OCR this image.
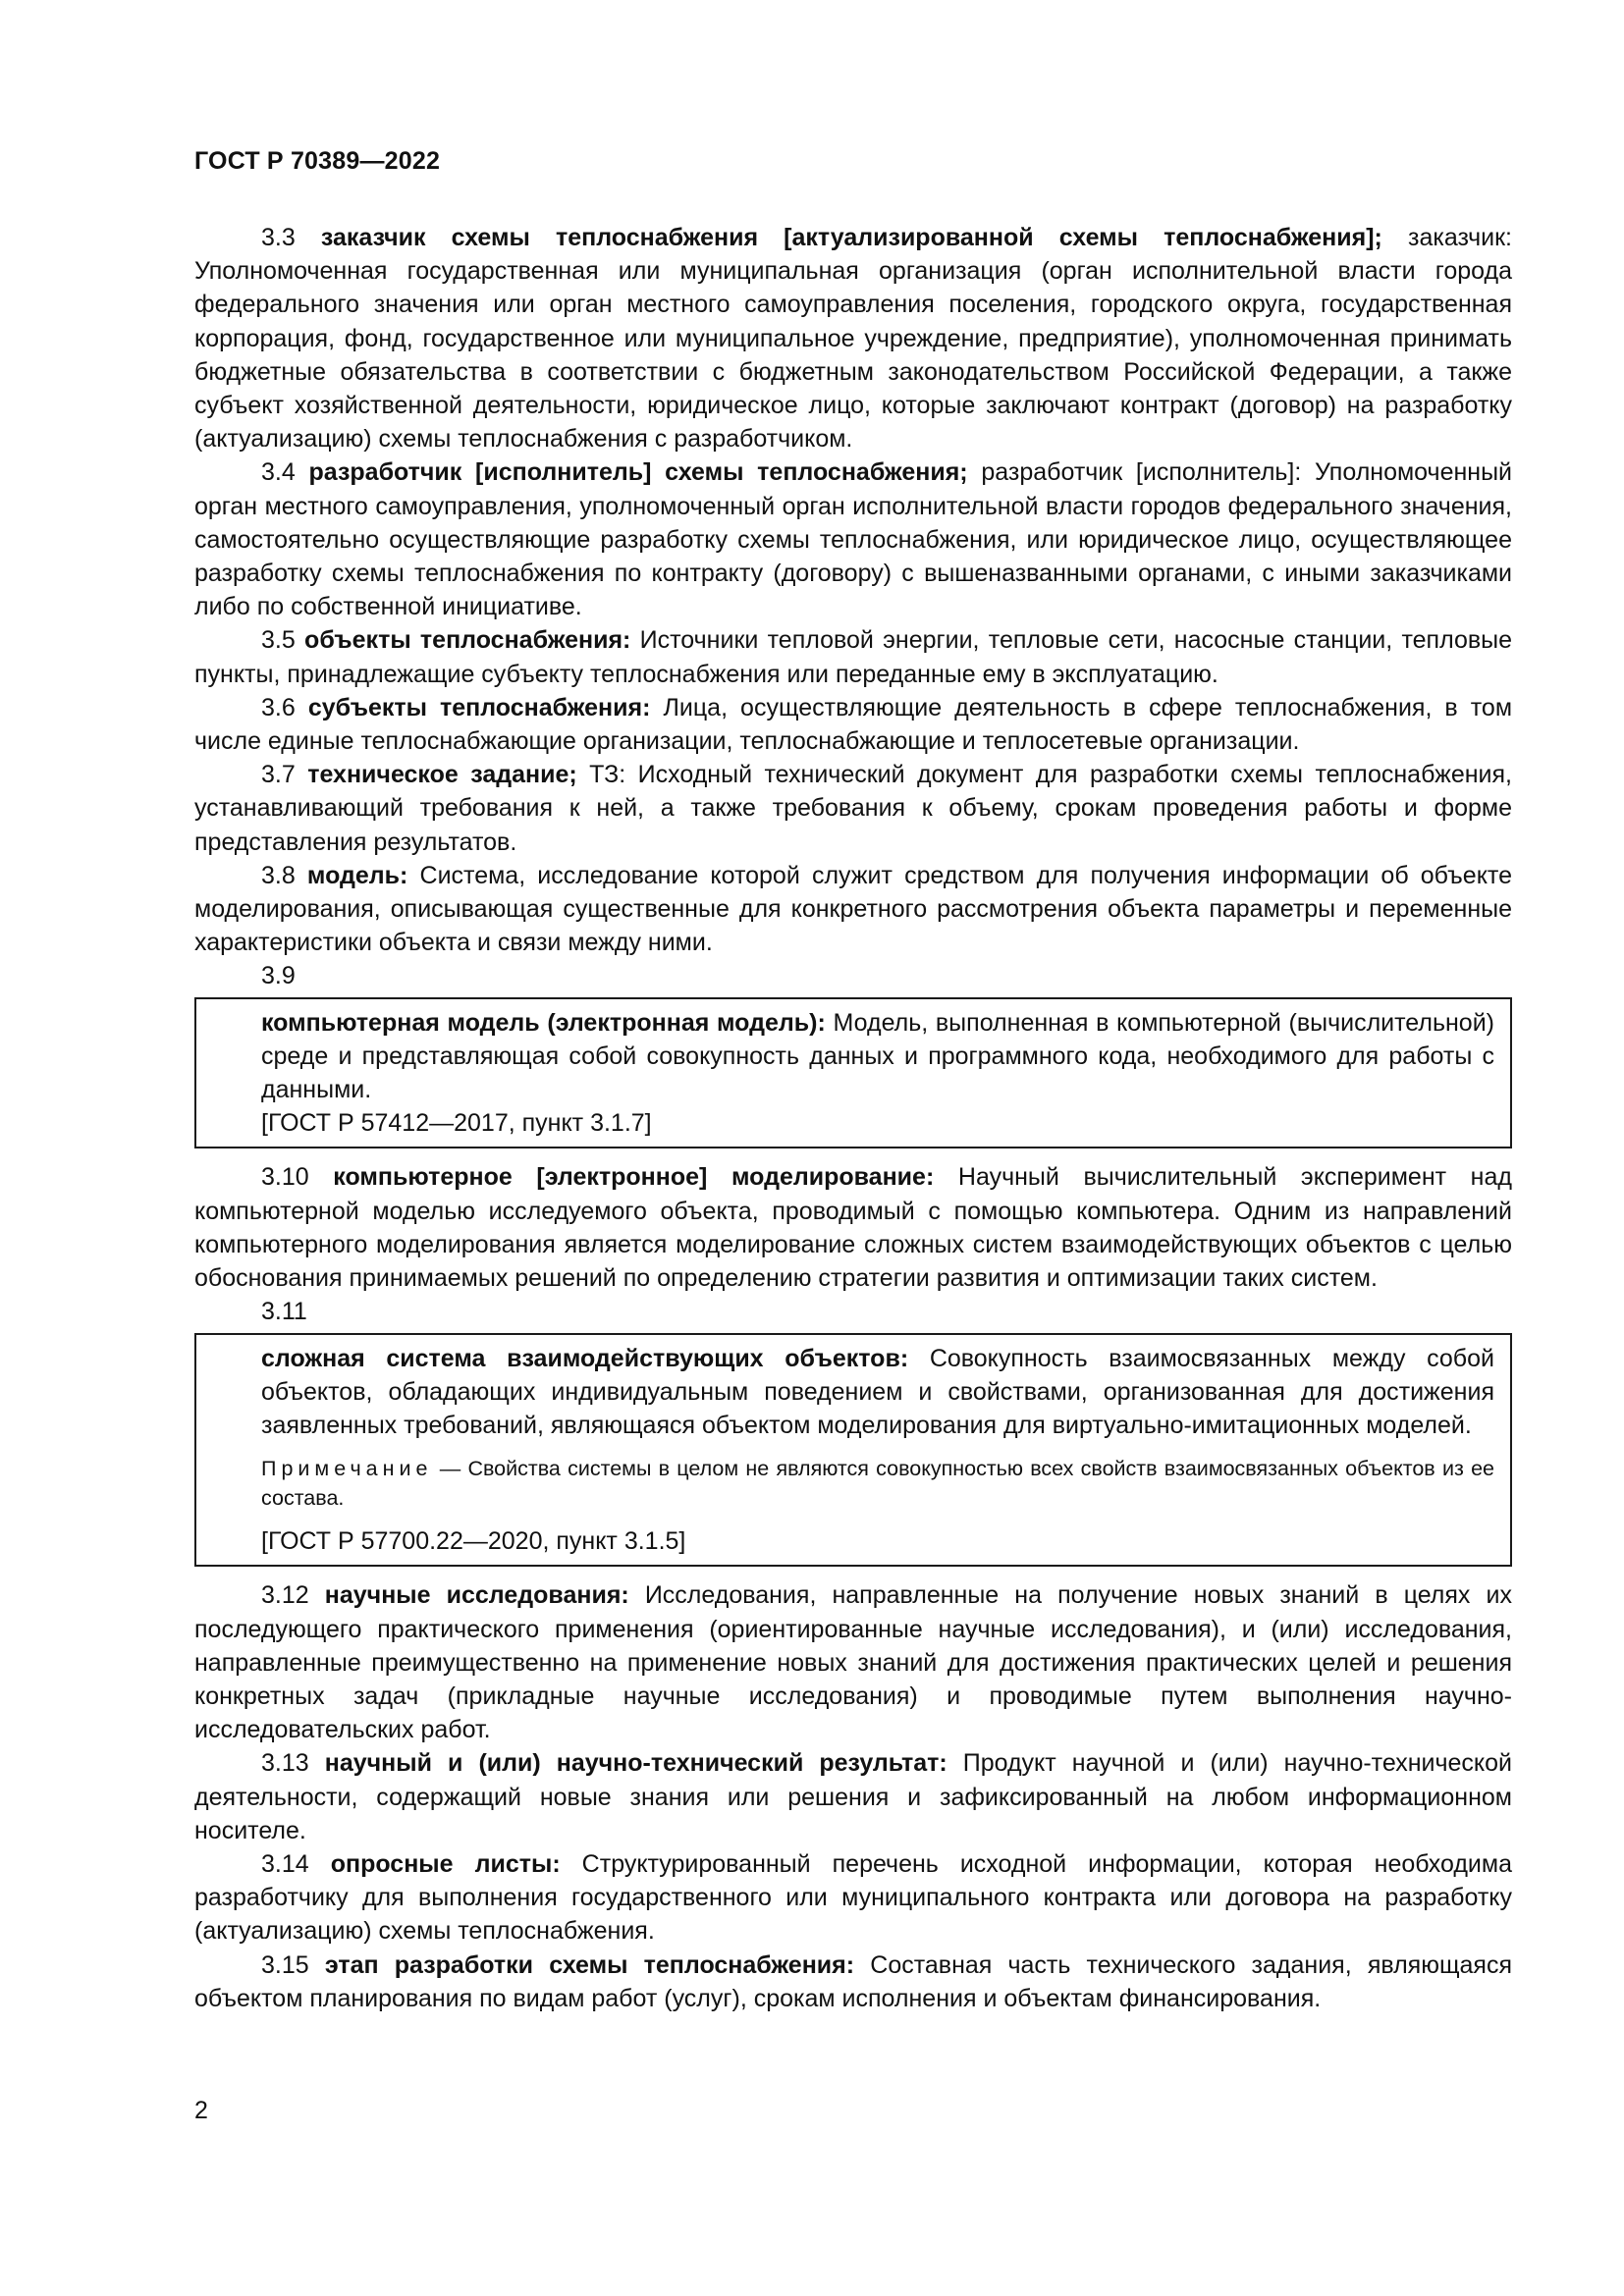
ГОСТ Р 70389—2022

3.3 заказчик схемы теплоснабжения [актуализированной схемы теплоснабжения]; заказчик: Уполномоченная государственная или муниципальная организация (орган исполнительной власти города федерального значения или орган местного самоуправления поселения, городского округа, государственная корпорация, фонд, государственное или муниципальное учреждение, предприятие), уполномоченная принимать бюджетные обязательства в соответствии с бюджетным законодательством Российской Федерации, а также субъект хозяйственной деятельности, юридическое лицо, которые заключают контракт (договор) на разработку (актуализацию) схемы теплоснабжения с разработчиком.

3.4 разработчик [исполнитель] схемы теплоснабжения; разработчик [исполнитель]: Уполномоченный орган местного самоуправления, уполномоченный орган исполнительной власти городов федерального значения, самостоятельно осуществляющие разработку схемы теплоснабжения, или юридическое лицо, осуществляющее разработку схемы теплоснабжения по контракту (договору) с вышеназванными органами, с иными заказчиками либо по собственной инициативе.

3.5 объекты теплоснабжения: Источники тепловой энергии, тепловые сети, насосные станции, тепловые пункты, принадлежащие субъекту теплоснабжения или переданные ему в эксплуатацию.

3.6 субъекты теплоснабжения: Лица, осуществляющие деятельность в сфере теплоснабжения, в том числе единые теплоснабжающие организации, теплоснабжающие и теплосетевые организации.

3.7 техническое задание; ТЗ: Исходный технический документ для разработки схемы теплоснабжения, устанавливающий требования к ней, а также требования к объему, срокам проведения работы и форме представления результатов.

3.8 модель: Система, исследование которой служит средством для получения информации об объекте моделирования, описывающая существенные для конкретного рассмотрения объекта параметры и переменные характеристики объекта и связи между ними.

3.9

компьютерная модель (электронная модель): Модель, выполненная в компьютерной (вычислительной) среде и представляющая собой совокупность данных и программного кода, необходимого для работы с данными.

[ГОСТ Р 57412—2017, пункт 3.1.7]

3.10 компьютерное [электронное] моделирование: Научный вычислительный эксперимент над компьютерной моделью исследуемого объекта, проводимый с помощью компьютера. Одним из направлений компьютерного моделирования является моделирование сложных систем взаимодействующих объектов с целью обоснования принимаемых решений по определению стратегии развития и оптимизации таких систем.

3.11

сложная система взаимодействующих объектов: Совокупность взаимосвязанных между собой объектов, обладающих индивидуальным поведением и свойствами, организованная для достижения заявленных требований, являющаяся объектом моделирования для виртуально-имитационных моделей.

Примечание — Свойства системы в целом не являются совокупностью всех свойств взаимосвязанных объектов из ее состава.

[ГОСТ Р 57700.22—2020, пункт 3.1.5]

3.12 научные исследования: Исследования, направленные на получение новых знаний в целях их последующего практического применения (ориентированные научные исследования), и (или) исследования, направленные преимущественно на применение новых знаний для достижения практических целей и решения конкретных задач (прикладные научные исследования) и проводимые путем выполнения научно-исследовательских работ.

3.13 научный и (или) научно-технический результат: Продукт научной и (или) научно-технической деятельности, содержащий новые знания или решения и зафиксированный на любом информационном носителе.

3.14 опросные листы: Структурированный перечень исходной информации, которая необходима разработчику для выполнения государственного или муниципального контракта или договора на разработку (актуализацию) схемы теплоснабжения.

3.15 этап разработки схемы теплоснабжения: Составная часть технического задания, являющаяся объектом планирования по видам работ (услуг), срокам исполнения и объектам финансирования.

2
